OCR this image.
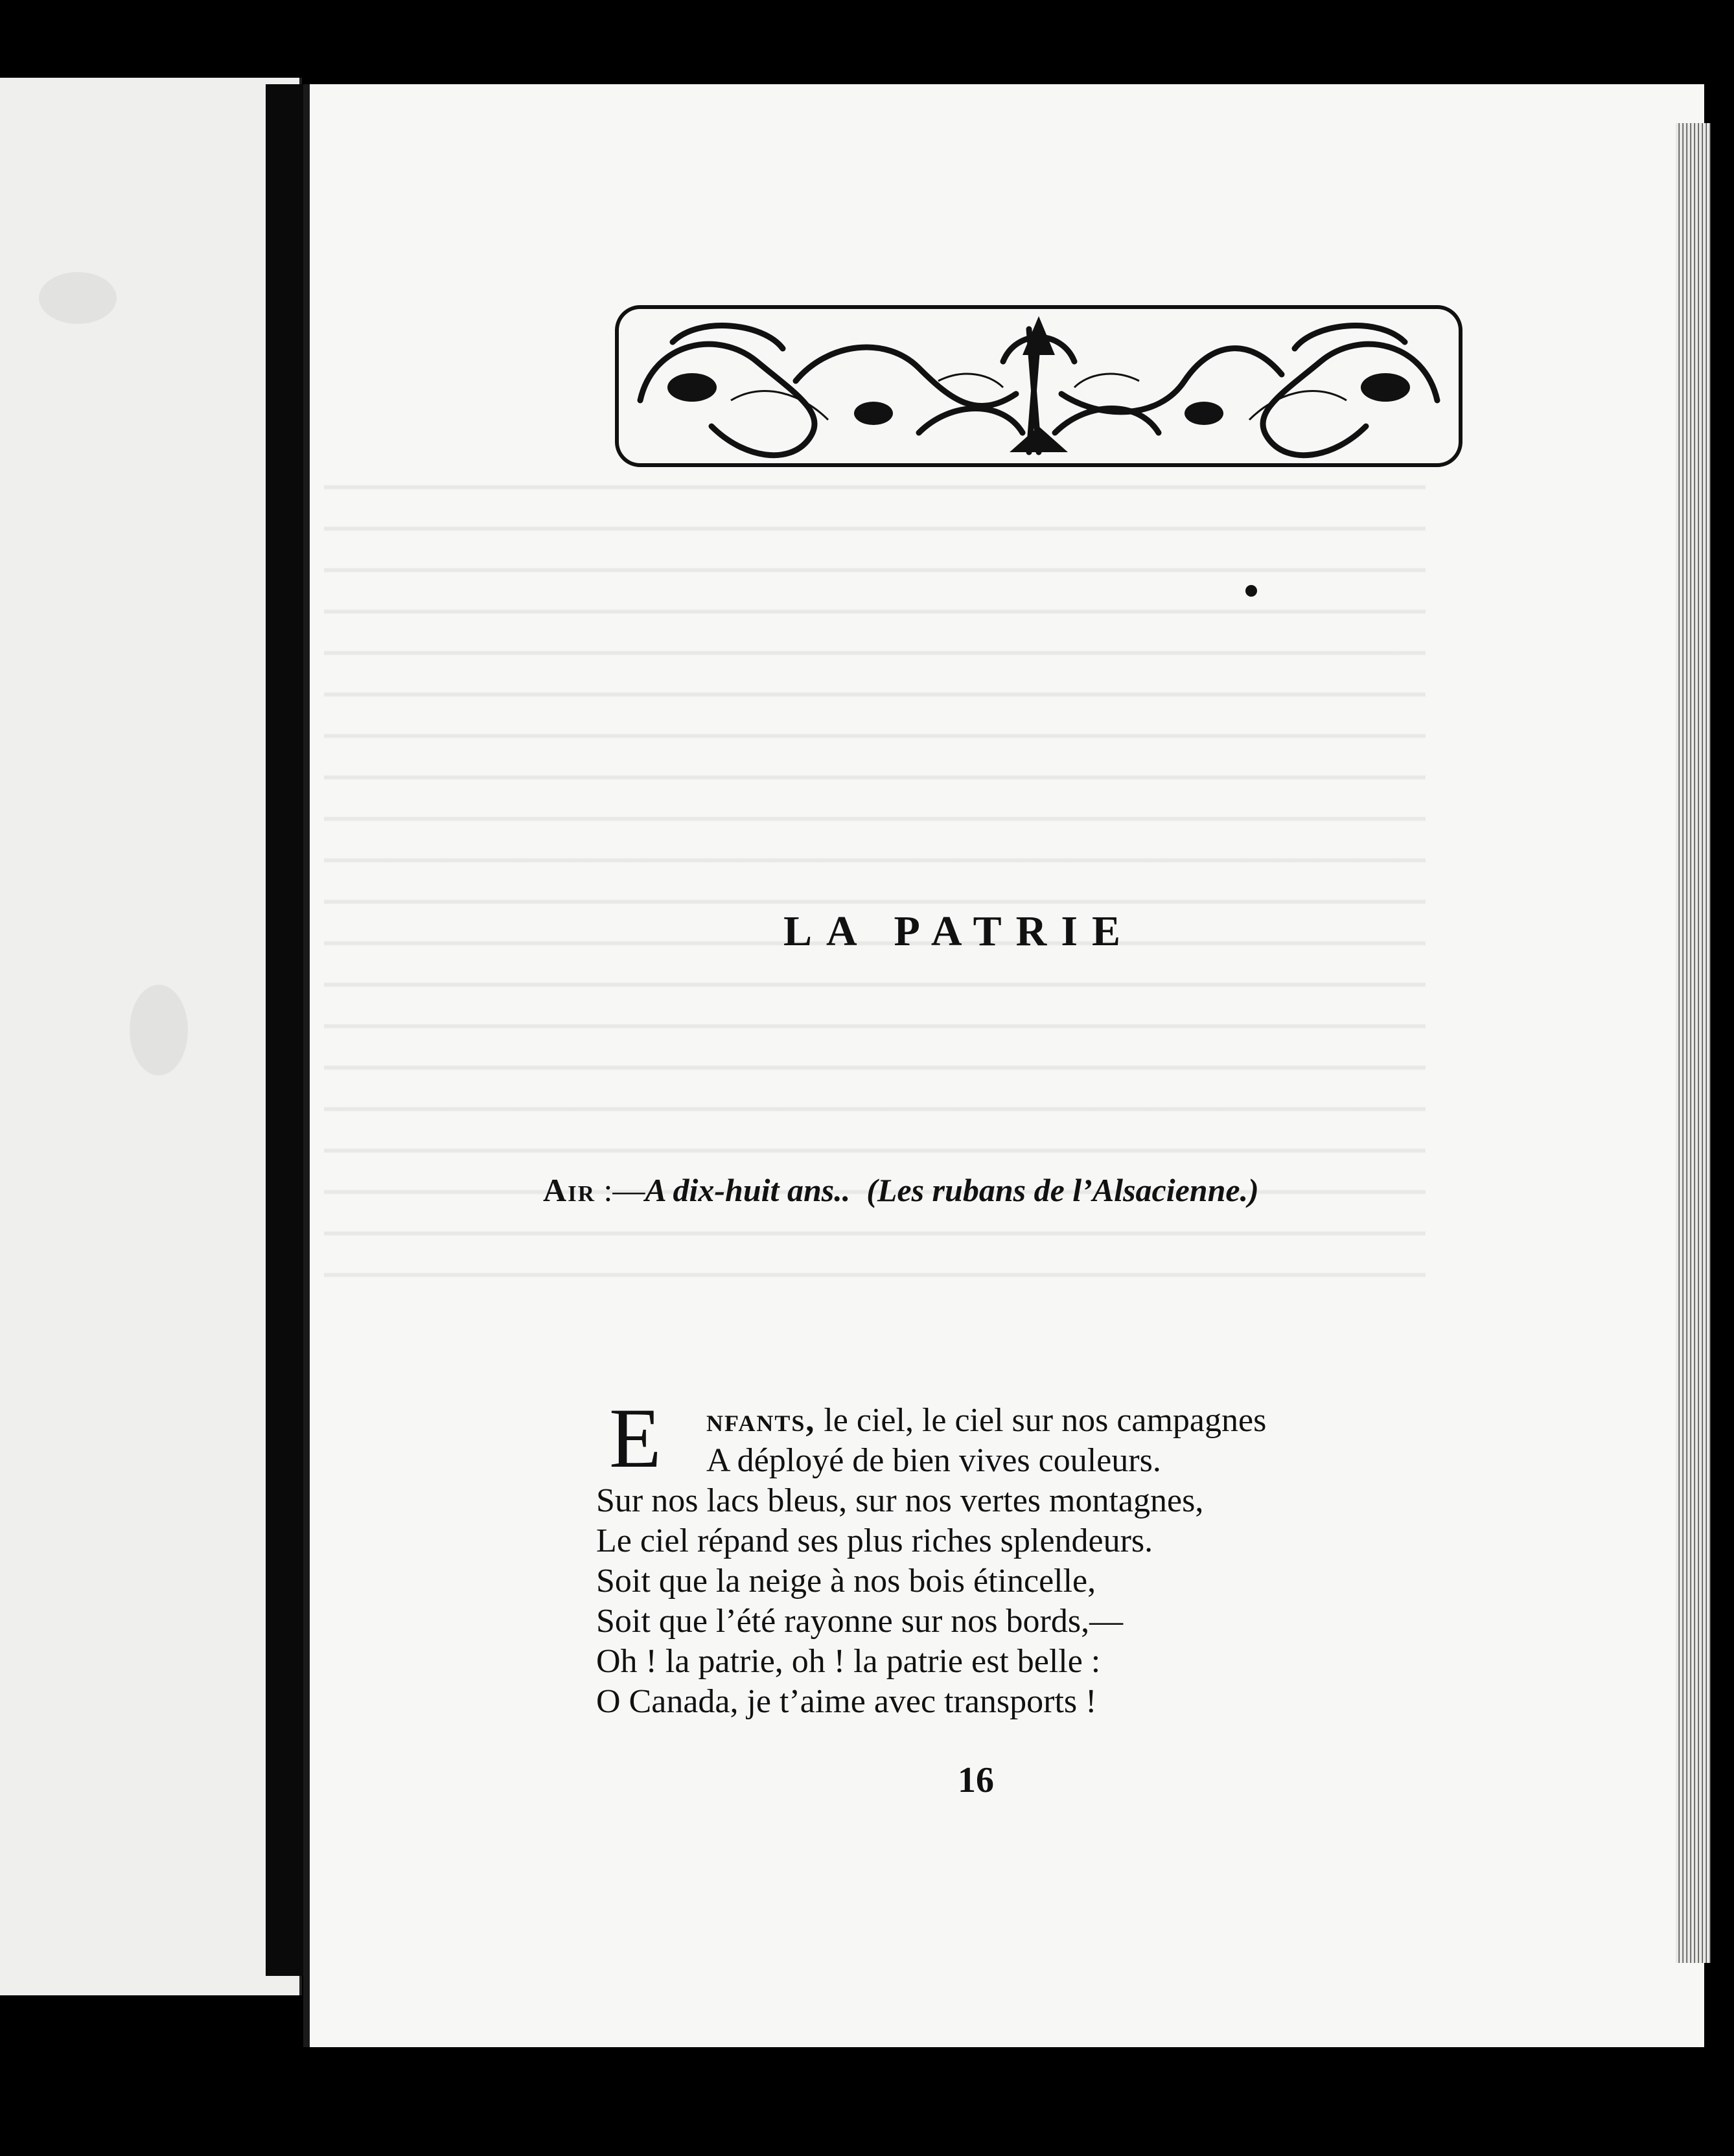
LA PATRIE
Air :—A dix-huit ans.. (Les rubans de l’Alsacienne.)
E	nfants, le ciel, le ciel sur nos campagnes
A déployé de bien vives couleurs.
Sur nos lacs bleus, sur nos vertes montagnes,
Le ciel répand ses plus riches splendeurs.
Soit que la neige à nos bois étincelle,
Soit que l’été rayonne sur nos bords,—
Oh ! la patrie, oh ! la patrie est belle :
O Canada, je t’aime avec transports !
16
